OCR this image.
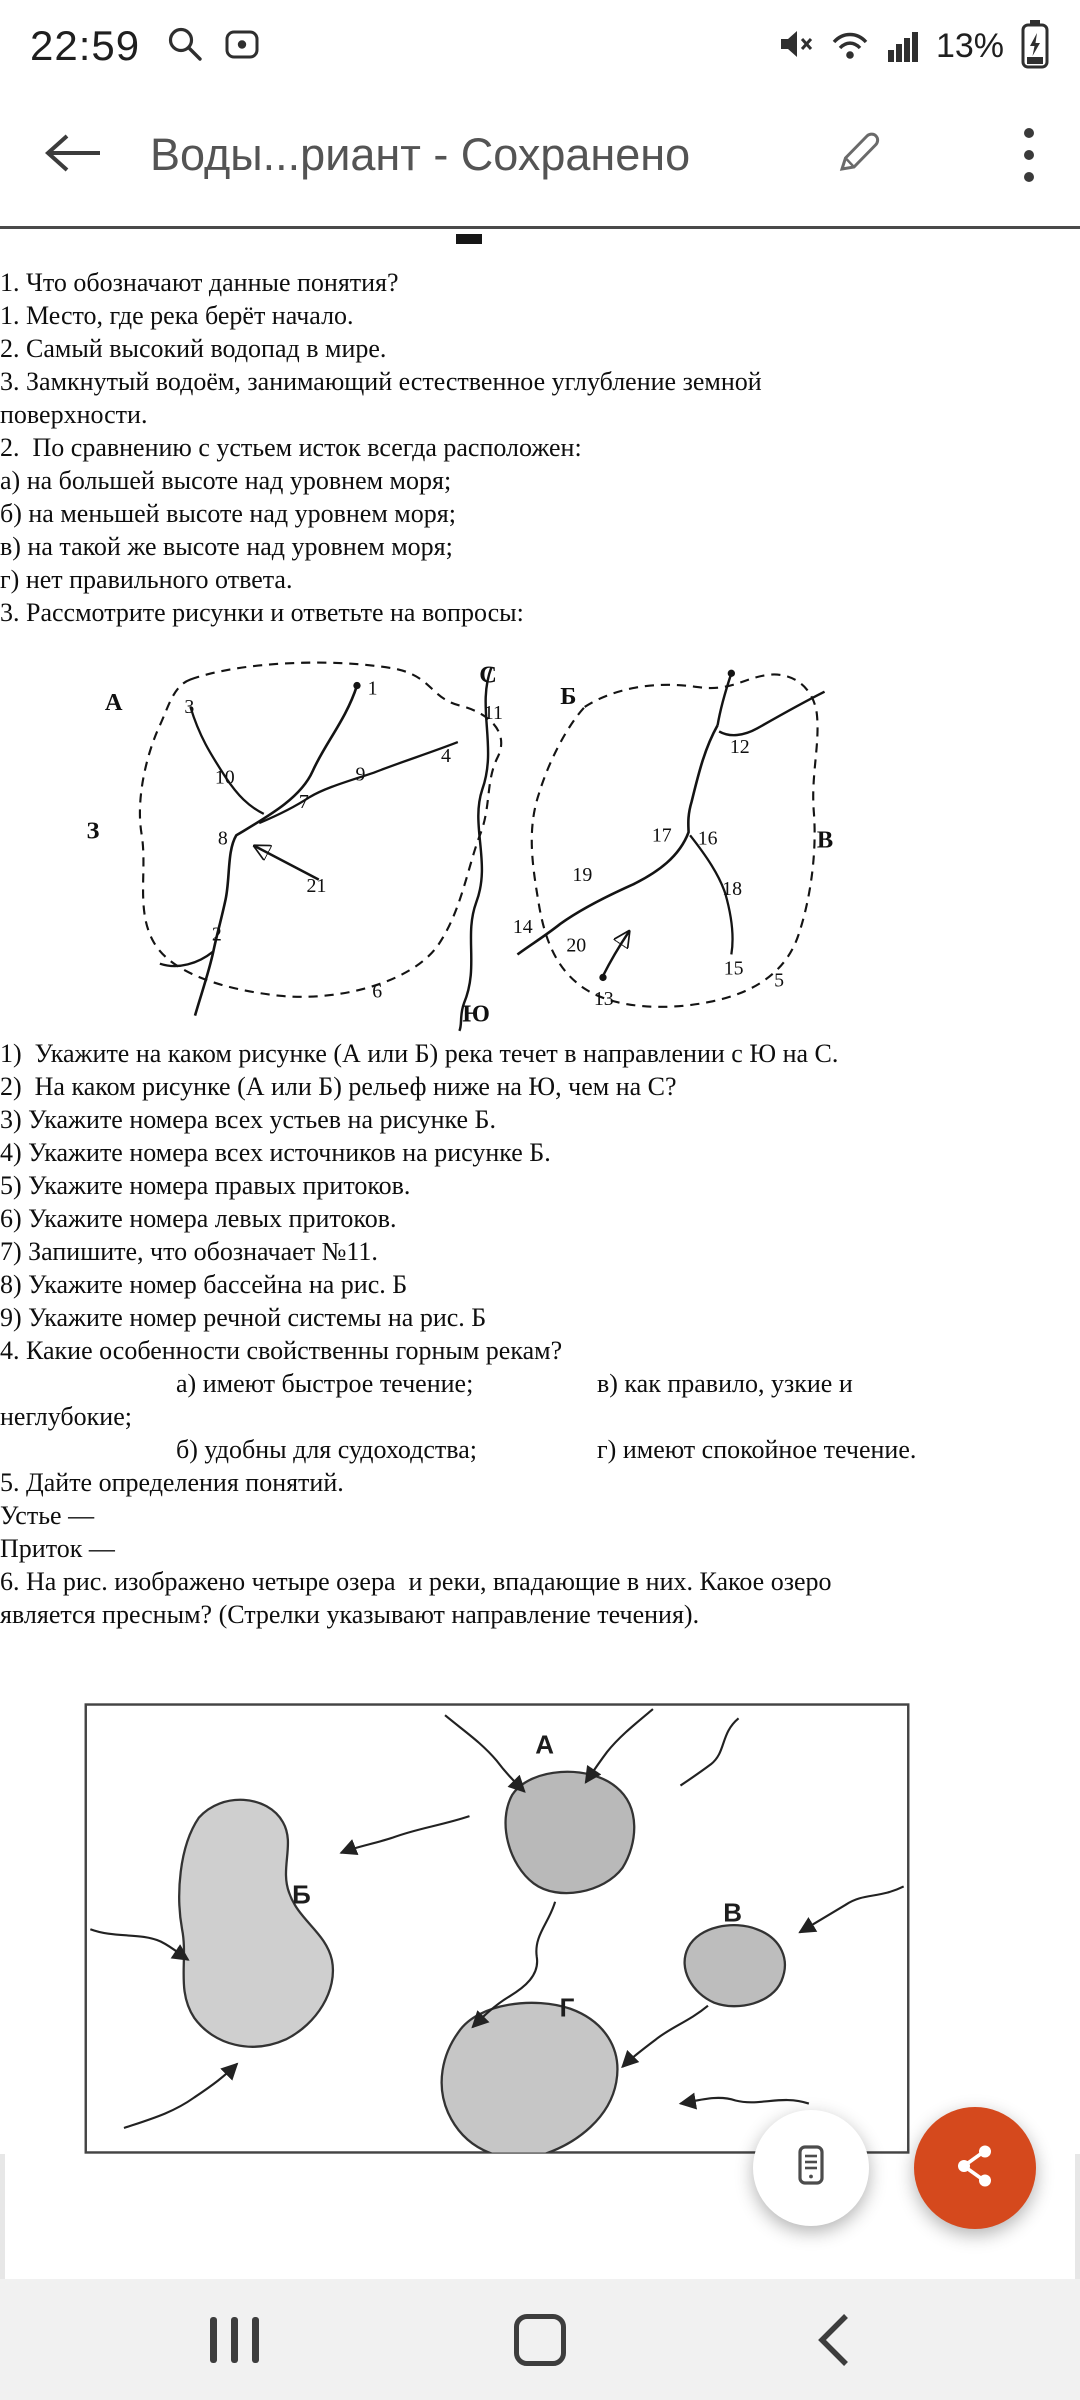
22:59	13%
Воды...риант - Сохранено

1. Что обозначают данные понятия?

1. Место, где река берёт начало.

2. Самый высокий водопад в мире.

3. Замкнутый водоём, занимающий естественное углубление земной поверхности.

2.  По сравнению с устьем исток всегда расположен:

а) на большей высоте над уровнем моря;

б) на меньшей высоте над уровнем моря;

в) на такой же высоте над уровнем моря;

г) нет правильного ответа.

3. Рассмотрите рисунки и ответьте на вопросы:

А
З
С
Ю
Б
В
3
1
10	9
4
7
8
21
2
6
11
12
17 16
19
18
14
20
13
15
5

1)  Укажите на каком рисунке (А или Б) река течет в направлении с Ю на С.

2)  На каком рисунке (А или Б) рельеф ниже на Ю, чем на С?

3) Укажите номера всех устьев на рисунке Б.

4) Укажите номера всех источников на рисунке Б.

5) Укажите номера правых притоков.

6) Укажите номера левых притоков.

7) Запишите, что обозначает №11.

8) Укажите номер бассейна на рис. Б

9) Укажите номер речной системы на рис. Б

4. Какие особенности свойственны горным рекам?

а) имеют быстрое течение;	в) как правило, узкие и

неглубокие;

б) удобны для судоходства;	г) имеют спокойное течение.

5. Дайте определения понятий.

Устье —

Приток —

6. На рис. изображено четыре озера  и реки, впадающие в них. Какое озеро является пресным? (Стрелки указывают направление течения).

А
Б
В
Г
